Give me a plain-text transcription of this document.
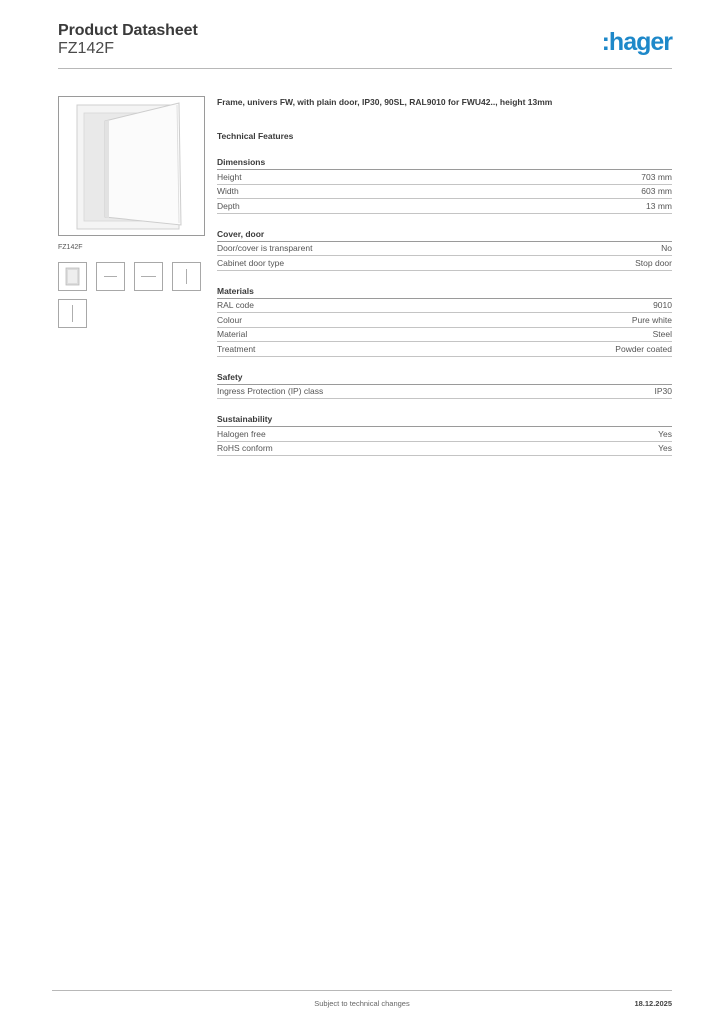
Product Datasheet
FZ142F	:hager
FZ142F

Frame, univers FW, with plain door, IP30, 90SL, RAL9010 for FWU42.., height 13mm

Technical Features
Dimensions
Height	703 mm
Width	603 mm
Depth	13 mm
Cover, door
Door/cover is transparent	No
Cabinet door type	Stop door
Materials
RAL code	9010
Colour	Pure white
Material	Steel
Treatment	Powder coated
Safety
Ingress Protection (IP) class	IP30
Sustainability
Halogen free	Yes
RoHS conform	Yes
Subject to technical changes	18.12.2025
